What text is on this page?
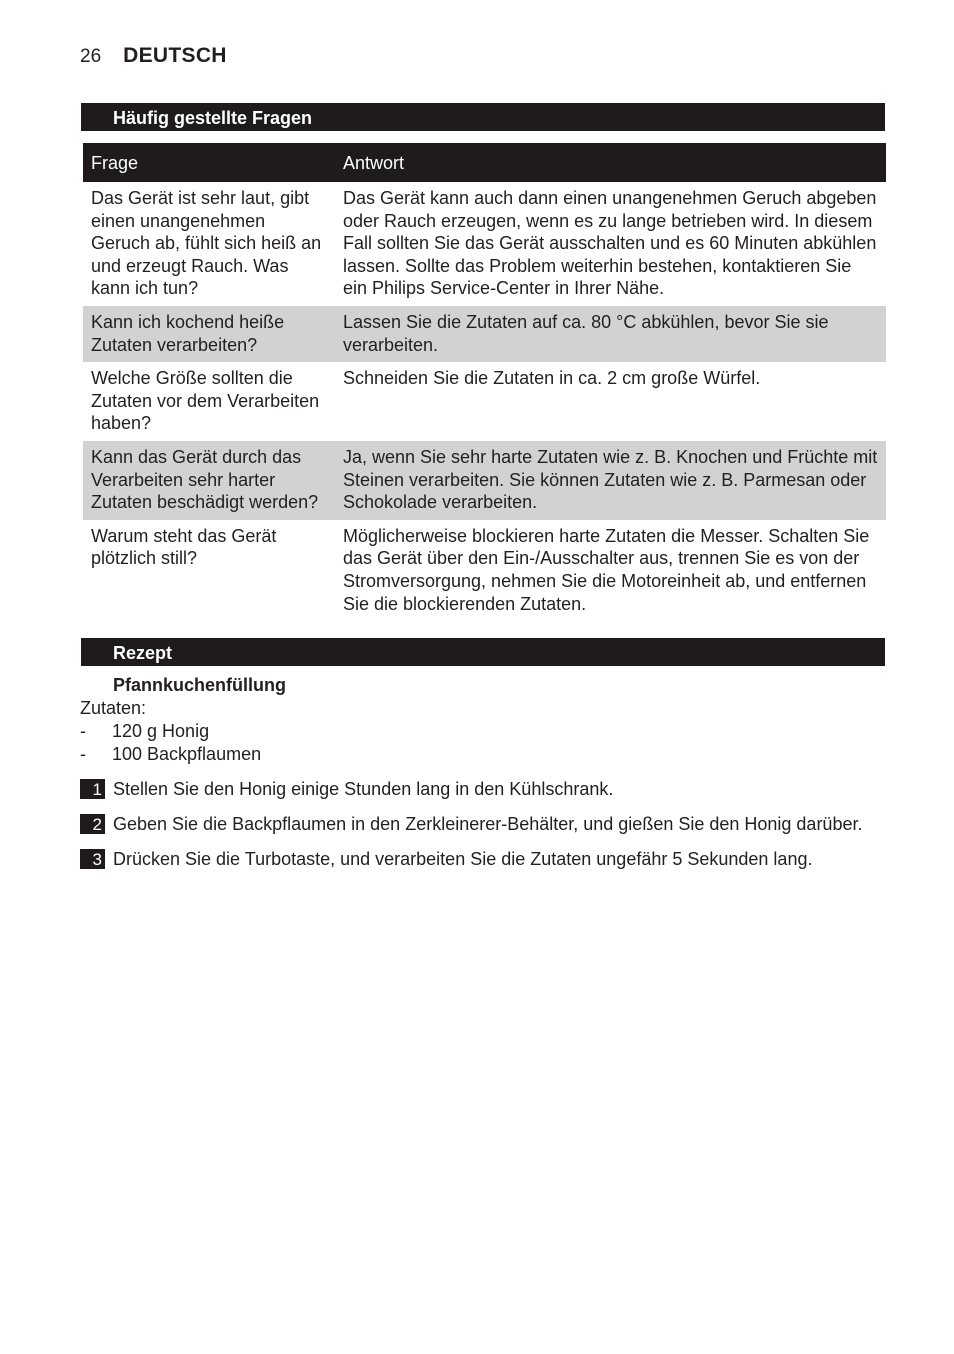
26 DEUTSCH
Häufig gestellte Fragen
Frage	Antwort
Das Gerät ist sehr laut, gibt einen unangenehmen Geruch ab, fühlt sich heiß an und erzeugt Rauch. Was kann ich tun?	Das Gerät kann auch dann einen unangenehmen Geruch abgeben oder Rauch erzeugen, wenn es zu lange betrieben wird. In diesem Fall sollten Sie das Gerät ausschalten und es 60 Minuten abkühlen lassen. Sollte das Problem weiterhin bestehen, kontaktieren Sie ein Philips Service-Center in Ihrer Nähe.
Kann ich kochend heiße Zutaten verarbeiten?	Lassen Sie die Zutaten auf ca. 80 °C abkühlen, bevor Sie sie verarbeiten.
Welche Größe sollten die Zutaten vor dem Verarbeiten haben?	Schneiden Sie die Zutaten in ca. 2 cm große Würfel.
Kann das Gerät durch das Verarbeiten sehr harter Zutaten beschädigt werden?	Ja, wenn Sie sehr harte Zutaten wie z. B. Knochen und Früchte mit Steinen verarbeiten. Sie können Zutaten wie z. B. Parmesan oder Schokolade verarbeiten.
Warum steht das Gerät plötzlich still?	Möglicherweise blockieren harte Zutaten die Messer. Schalten Sie das Gerät über den Ein-/Ausschalter aus, trennen Sie es von der Stromversorgung, nehmen Sie die Motoreinheit ab, und entfernen Sie die blockierenden Zutaten.
Rezept
Pfannkuchenfüllung
Zutaten:
-	120 g Honig
-	100 Backpflaumen
1 Stellen Sie den Honig einige Stunden lang in den Kühlschrank.
2 Geben Sie die Backpflaumen in den Zerkleinerer-Behälter, und gießen Sie den Honig darüber.
3 Drücken Sie die Turbotaste, und verarbeiten Sie die Zutaten ungefähr 5 Sekunden lang.
